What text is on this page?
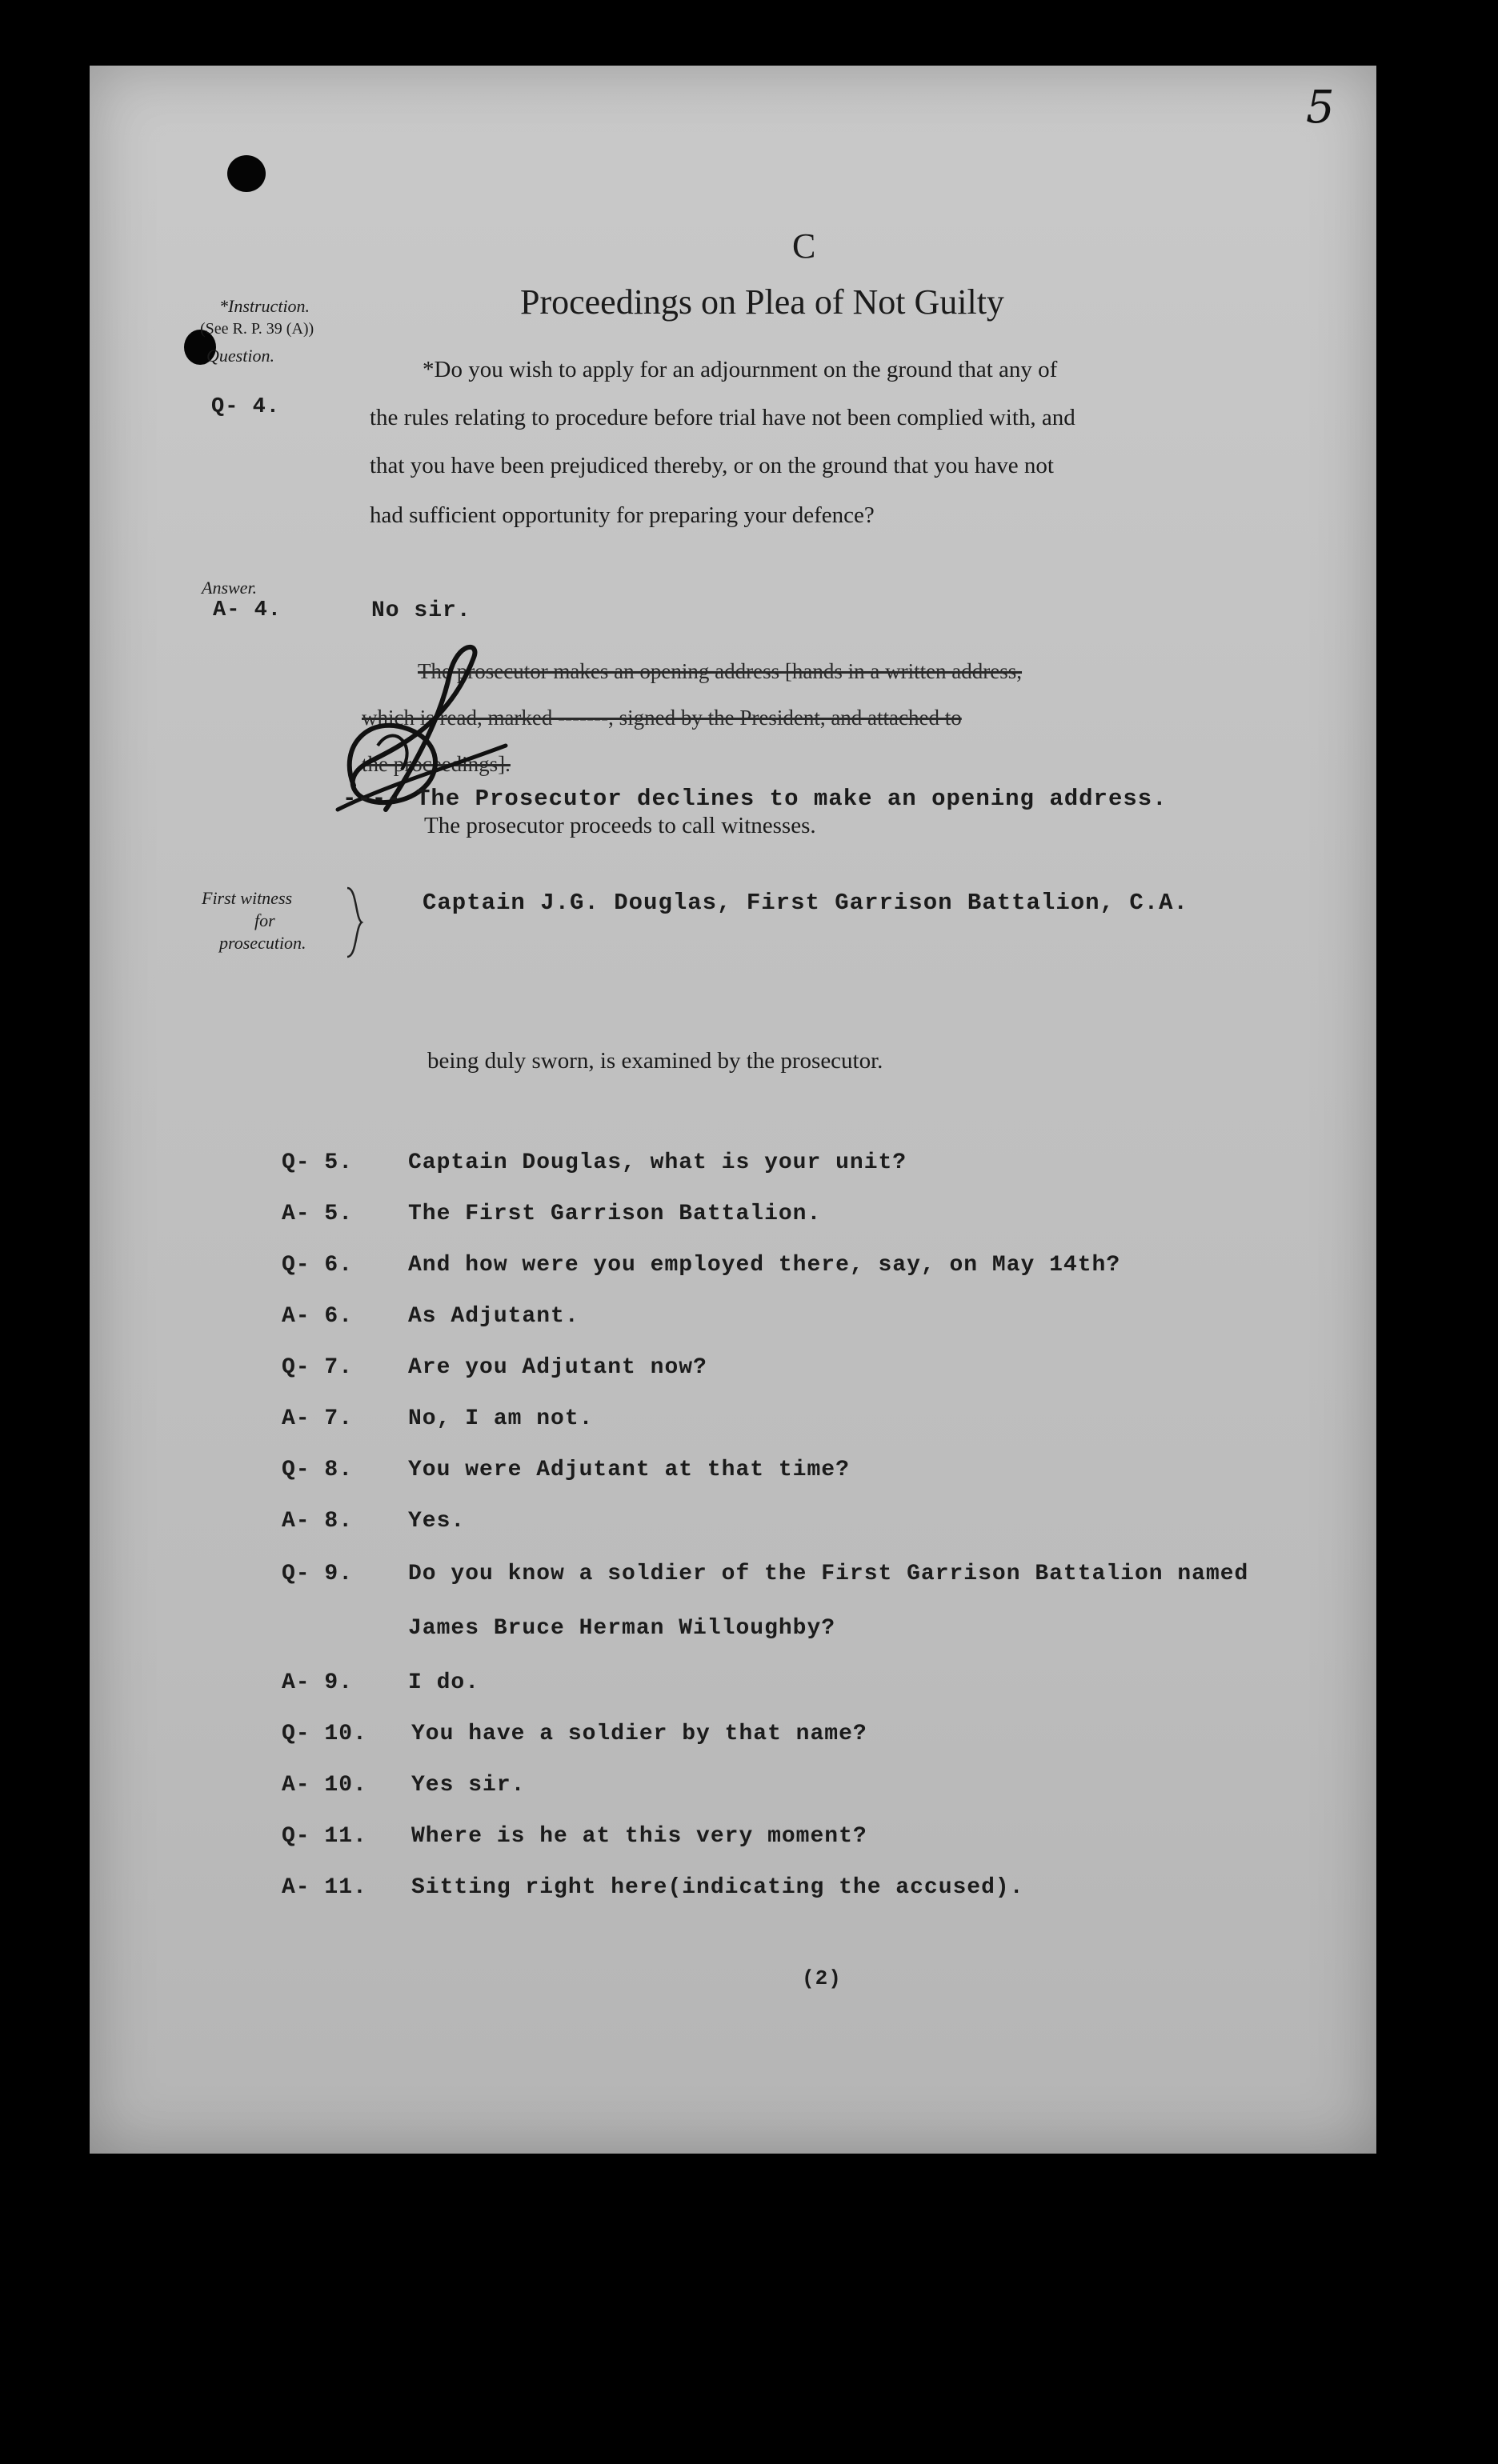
5
C
Proceedings on Plea of Not Guilty
*Instruction.
(See R. P. 39 (A))
Question.
Q- 4.
*Do you wish to apply for an adjournment on the ground that any of
the rules relating to procedure before trial have not been complied with, and
that you have been prejudiced thereby, or on the ground that you have not
had sufficient opportunity for preparing your defence?
Answer.
A- 4.	No sir.
The prosecutor makes an opening address [hands in a written address,
which is read, marked -------, signed by the President, and attached to
the proceedings].
---- The Prosecutor declines to make an opening address.
The prosecutor proceeds to call witnesses.
First witness
for
prosecution.
Captain J.G. Douglas, First Garrison Battalion, C.A.
being duly sworn, is examined by the prosecutor.
Q- 5. Captain Douglas, what is your unit?
A- 5. The First Garrison Battalion.
Q- 6. And how were you employed there, say, on May 14th?
A- 6. As Adjutant.
Q- 7. Are you Adjutant now?
A- 7. No, I am not.
Q- 8. You were Adjutant at that time?
A- 8. Yes.
Q- 9. Do you know a soldier of the First Garrison Battalion named
James Bruce Herman Willoughby?
A- 9. I do.
Q- 10. You have a soldier by that name?
A- 10. Yes sir.
Q- 11. Where is he at this very moment?
A- 11. Sitting right here(indicating the accused).
(2)
